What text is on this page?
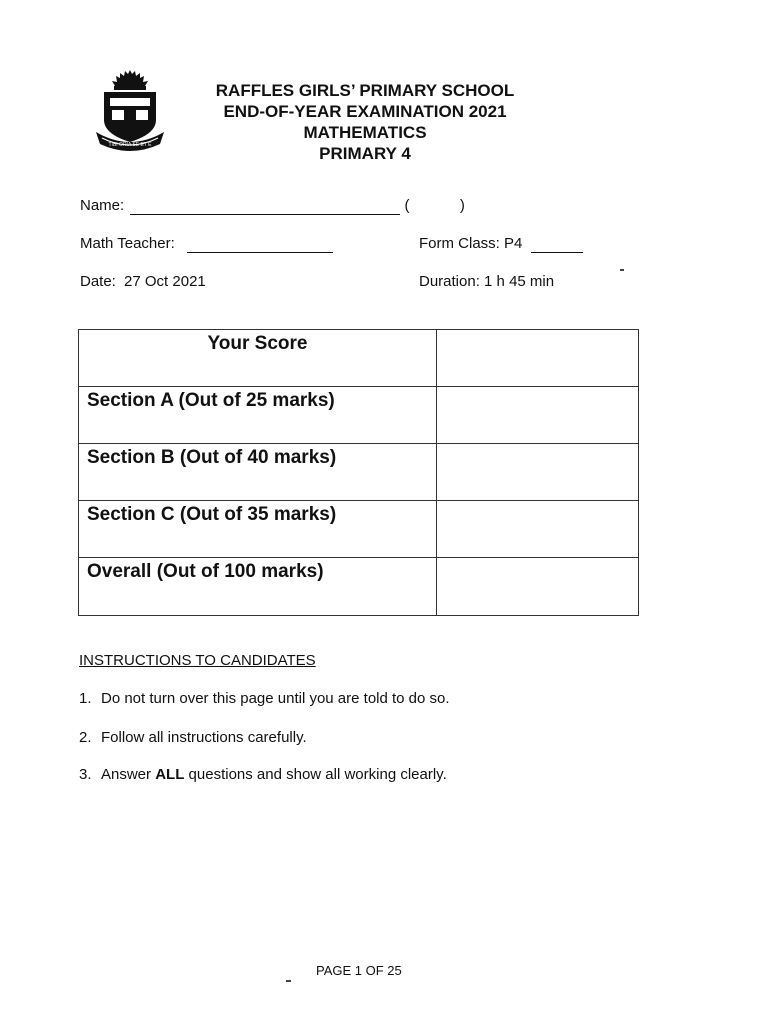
TIBI ORIA SE ET E
RAFFLES GIRLS’ PRIMARY SCHOOL
END-OF-YEAR EXAMINATION 2021
MATHEMATICS
PRIMARY 4
Name:	(	)
Math Teacher:	Form Class: P4
Date: 27 Oct 2021	Duration: 1 h 45 min
Your Score	

Section A (Out of 25 marks)	

Section B (Out of 40 marks)	

Section C (Out of 35 marks)	

Overall (Out of 100 marks)	

INSTRUCTIONS TO CANDIDATES
1. Do not turn over this page until you are told to do so.
2. Follow all instructions carefully.
3. Answer ALL questions and show all working clearly.
PAGE 1 OF 25
